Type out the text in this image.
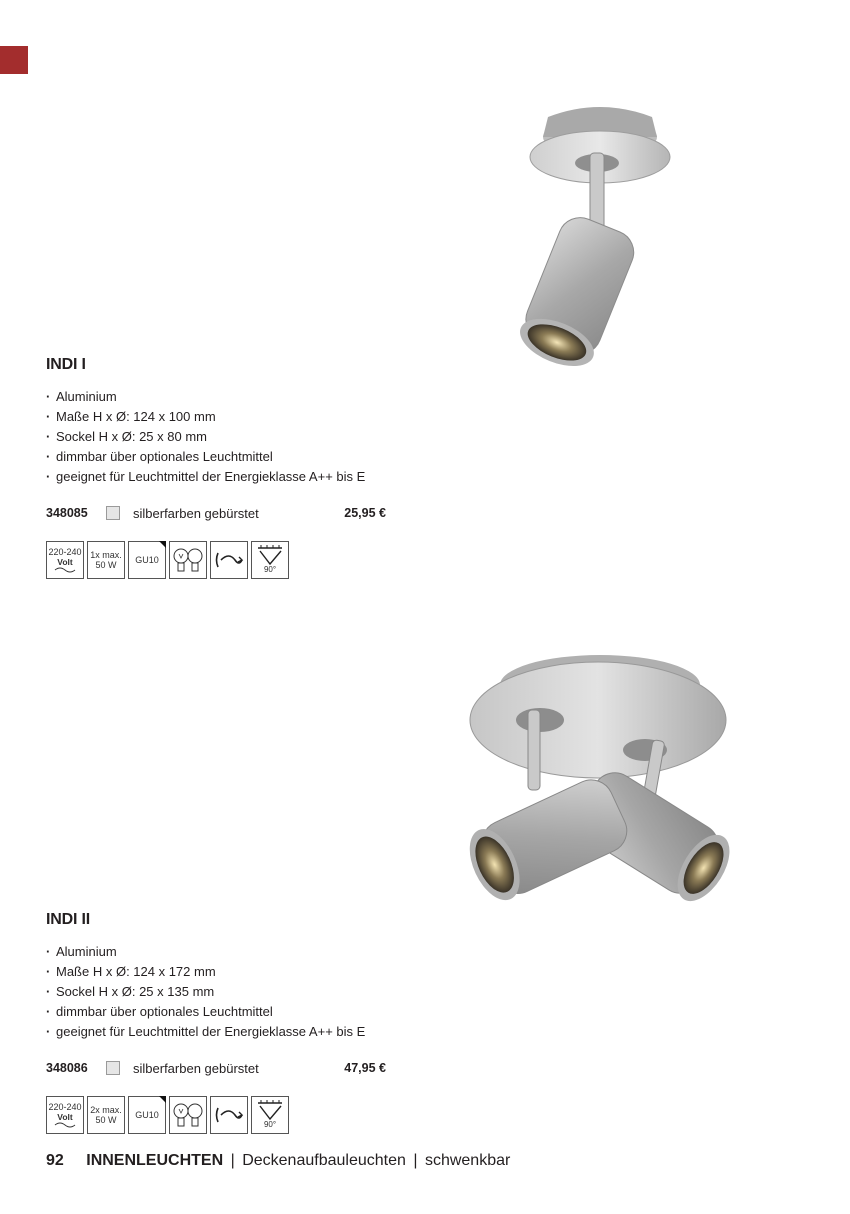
INDI I
· Aluminium
· Maße H x Ø: 124 x 100 mm
· Sockel H x Ø: 25 x 80 mm
· dimmbar über optionales Leuchtmittel
· geeignet für Leuchtmittel der Energieklasse A++ bis E
348085	silberfarben gebürstet	25,95 €
220-240
Volt
1x max.
50 W GU10
90°
INDI II
· Aluminium
· Maße H x Ø: 124 x 172 mm
· Sockel H x Ø: 25 x 135 mm
· dimmbar über optionales Leuchtmittel
· geeignet für Leuchtmittel der Energieklasse A++ bis E
348086	silberfarben gebürstet	47,95 €
220-240
Volt
2x max.
50 W GU10
90°
92 INNENLEUCHTEN | Deckenaufbauleuchten | schwenkbar
